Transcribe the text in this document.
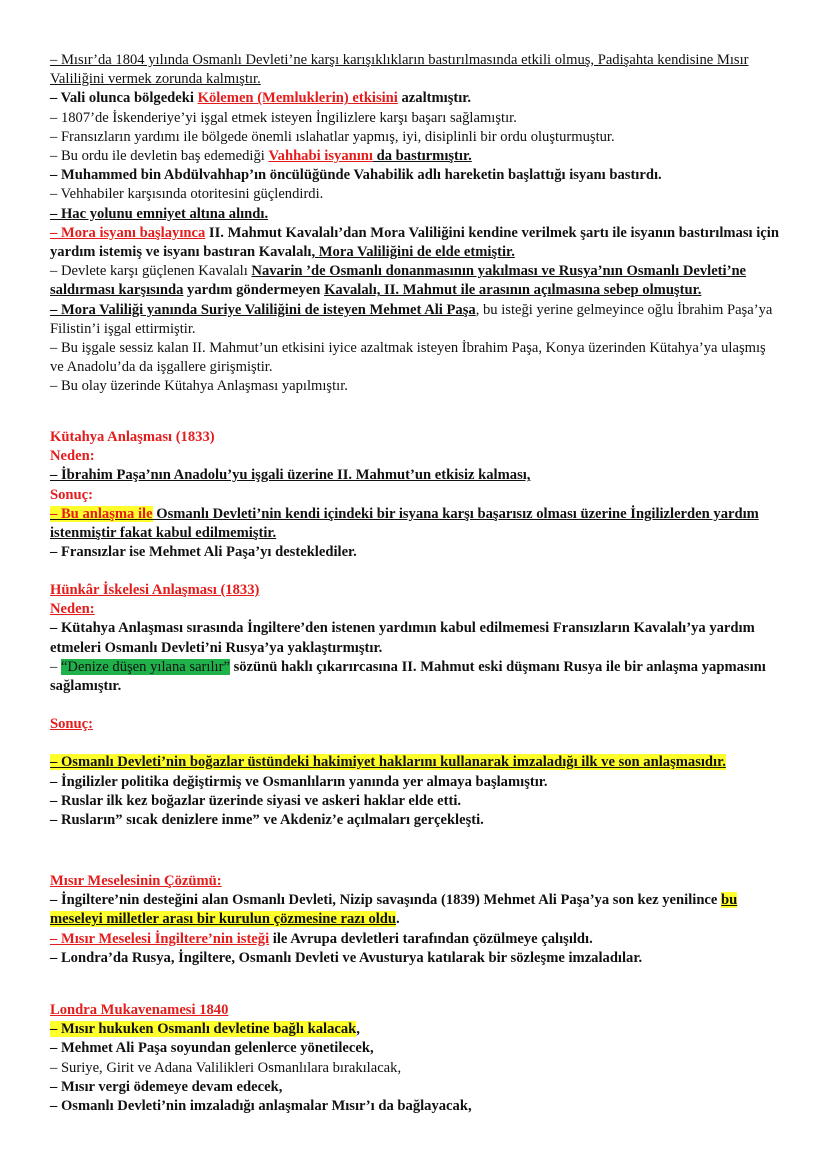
– Mısır’da 1804 yılında Osmanlı Devleti’ne karşı karışıklıkların bastırılmasında etkili olmuş, Padişahta kendisine Mısır Valiliğini vermek zorunda kalmıştır.

– Vali olunca bölgedeki Kölemen (Memluklerin) etkisini azaltmıştır.

– 1807’de İskenderiye’yi işgal etmek isteyen İngilizlere karşı başarı sağlamıştır.

– Fransızların yardımı ile bölgede önemli ıslahatlar yapmış, iyi, disiplinli bir ordu oluşturmuştur.

– Bu ordu ile devletin baş edemediği Vahhabi isyanını da bastırmıştır.

– Muhammed bin Abdülvahhap’ın öncülüğünde Vahabilik adlı hareketin başlattığı isyanı bastırdı.

– Vehhabiler karşısında otoritesini güçlendirdi.

– Hac yolunu emniyet altına alındı.

– Mora isyanı başlayınca II. Mahmut Kavalalı’dan Mora Valiliğini kendine verilmek şartı ile isyanın bastırılması için yardım istemiş ve isyanı bastıran Kavalalı, Mora Valiliğini de elde etmiştir.

– Devlete karşı güçlenen Kavalalı Navarin ’de Osmanlı donanmasının yakılması ve Rusya’nın Osmanlı Devleti’ne saldırması karşısında yardım göndermeyen Kavalalı, II. Mahmut ile arasının açılmasına sebep olmuştur.

– Mora Valiliği yanında Suriye Valiliğini de isteyen Mehmet Ali Paşa, bu isteği yerine gelmeyince oğlu İbrahim Paşa’ya Filistin’i işgal ettirmiştir.

– Bu işgale sessiz kalan II. Mahmut’un etkisini iyice azaltmak isteyen İbrahim Paşa, Konya üzerinden Kütahya’ya ulaşmış ve Anadolu’da da işgallere girişmiştir.

– Bu olay üzerinde Kütahya Anlaşması yapılmıştır.

Kütahya Anlaşması (1833)

Neden:

– İbrahim Paşa’nın Anadolu’yu işgali üzerine II. Mahmut’un etkisiz kalması,

Sonuç:

– Bu anlaşma ile Osmanlı Devleti’nin kendi içindeki bir isyana karşı başarısız olması üzerine İngilizlerden yardım istenmiştir fakat kabul edilmemiştir.

– Fransızlar ise Mehmet Ali Paşa’yı desteklediler.

Hünkâr İskelesi Anlaşması (1833)

Neden:

– Kütahya Anlaşması sırasında İngiltere’den istenen yardımın kabul edilmemesi Fransızların Kavalalı’ya yardım etmeleri Osmanlı Devleti’ni Rusya’ya yaklaştırmıştır.

– “Denize düşen yılana sarılır” sözünü haklı çıkarırcasına II. Mahmut eski düşmanı Rusya ile bir anlaşma yapmasını sağlamıştır.

Sonuç:

– Osmanlı Devleti’nin boğazlar üstündeki hakimiyet haklarını kullanarak imzaladığı ilk ve son anlaşmasıdır.

– İngilizler politika değiştirmiş ve Osmanlıların yanında yer almaya başlamıştır.

– Ruslar ilk kez boğazlar üzerinde siyasi ve askeri haklar elde etti.

– Rusların” sıcak denizlere inme” ve Akdeniz’e açılmaları gerçekleşti.

Mısır Meselesinin Çözümü:

– İngiltere’nin desteğini alan Osmanlı Devleti, Nizip savaşında (1839) Mehmet Ali Paşa’ya son kez yenilince bu meseleyi milletler arası bir kurulun çözmesine razı oldu.

– Mısır Meselesi İngiltere’nin isteği ile Avrupa devletleri tarafından çözülmeye çalışıldı.

– Londra’da Rusya, İngiltere, Osmanlı Devleti ve Avusturya katılarak bir sözleşme imzaladılar.

Londra Mukavenamesi 1840

– Mısır hukuken Osmanlı devletine bağlı kalacak,

– Mehmet Ali Paşa soyundan gelenlerce yönetilecek,

– Suriye, Girit ve Adana Valilikleri Osmanlılara bırakılacak,

– Mısır vergi ödemeye devam edecek,

– Osmanlı Devleti’nin imzaladığı anlaşmalar Mısır’ı da bağlayacak,
